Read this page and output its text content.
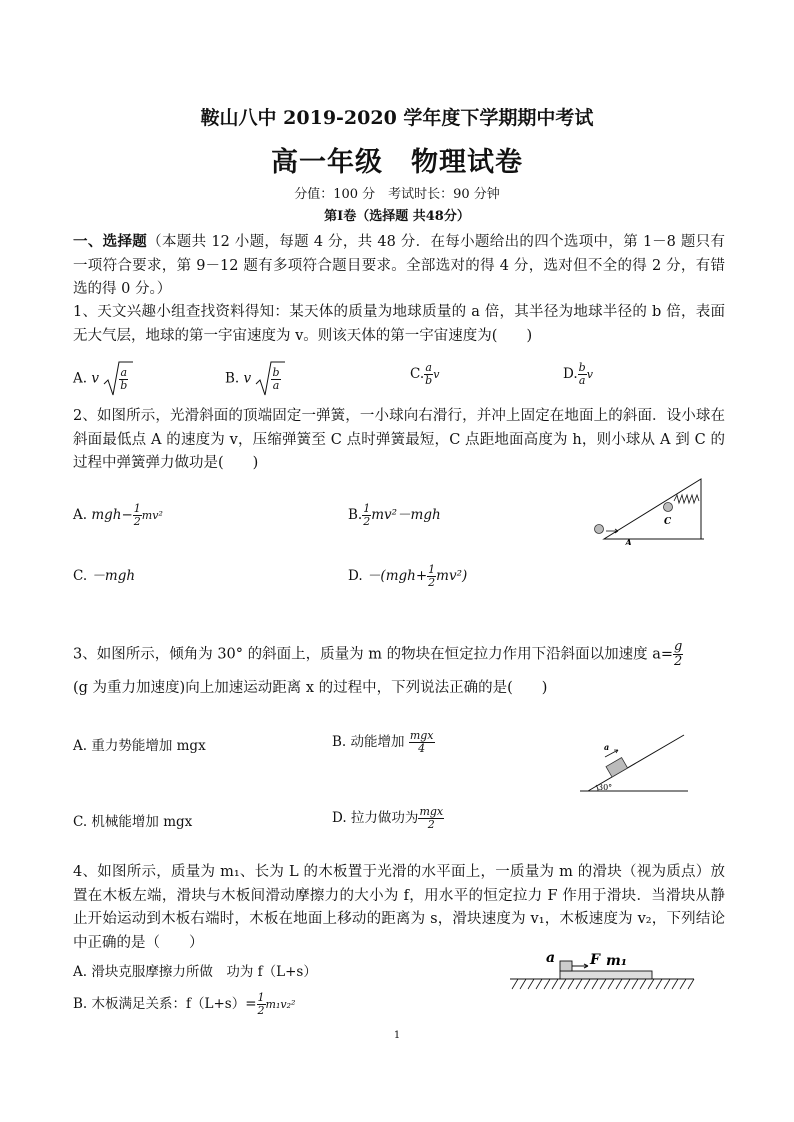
鞍山八中 2019-2020 学年度下学期期中考试
高一年级　物理试卷
分值：100 分　考试时长：90 分钟
第Ⅰ卷（选择题 共48分）
一、选择题（本题共 12 小题，每题 4 分，共 48 分．在每小题给出的四个选项中，第 1－8 题只有一项符合要求，第 9－12 题有多项符合题目要求。全部选对的得 4 分，选对但不全的得 2 分，有错选的得 0 分。）
1、天文兴趣小组查找资料得知：某天体的质量为地球质量的 a 倍，其半径为地球半径的 b 倍，表面无大气层，地球的第一宇宙速度为 v。则该天体的第一宇宙速度为(　　)
A. v $\frac{a}{b}$	B. v $\frac{b}{a}$	C. $\frac{a}{b}$ v	D. $\frac{b}{a}$ v
2、如图所示，光滑斜面的顶端固定一弹簧，一小球向右滑行，并冲上固定在地面上的斜面．设小球在斜面最低点 A 的速度为 v，压缩弹簧至 C 点时弹簧最短，C 点距地面高度为 h，则小球从 A 到 C 的过程中弹簧弹力做功是(　　)
A. $mgh- \frac{1}{2} mv^2$	B. $\frac{1}{2} mv^2-mgh$	C
A
C. －mgh	D. $-(mgh+ \frac{1}{2} mv^2)$
3、如图所示，倾角为 30° 的斜面上，质量为 m 的物块在恒定拉力作用下沿斜面以加速度 $a= \frac{g}{2}$
(g 为重力加速度)向上加速运动距离 x 的过程中，下列说法正确的是(　　)
A. 重力势能增加 mgx	B. 动能增加 $\frac{\text{mgx}}{4}$	a
30°
C. 机械能增加 mgx	D. 拉力做功为 $\frac{\text{mgx}}{2}$
4、如图所示，质量为 m₁、长为 L 的木板置于光滑的水平面上，一质量为 m 的滑块（视为质点）放置在木板左端，滑块与木板间滑动摩擦力的大小为 f，用水平的恒定拉力 F 作用于滑块．当滑块从静止开始运动到木板右端时，木板在地面上移动的距离为 s，滑块速度为 v₁，木板速度为 v₂，下列结论中正确的是（　　）
A. 滑块克服摩擦力所做　功为 f（L+s）
B. 木板满足关系：$f(L+s)= \frac{1}{2} m_1v_2^2$
a F m₁
1
